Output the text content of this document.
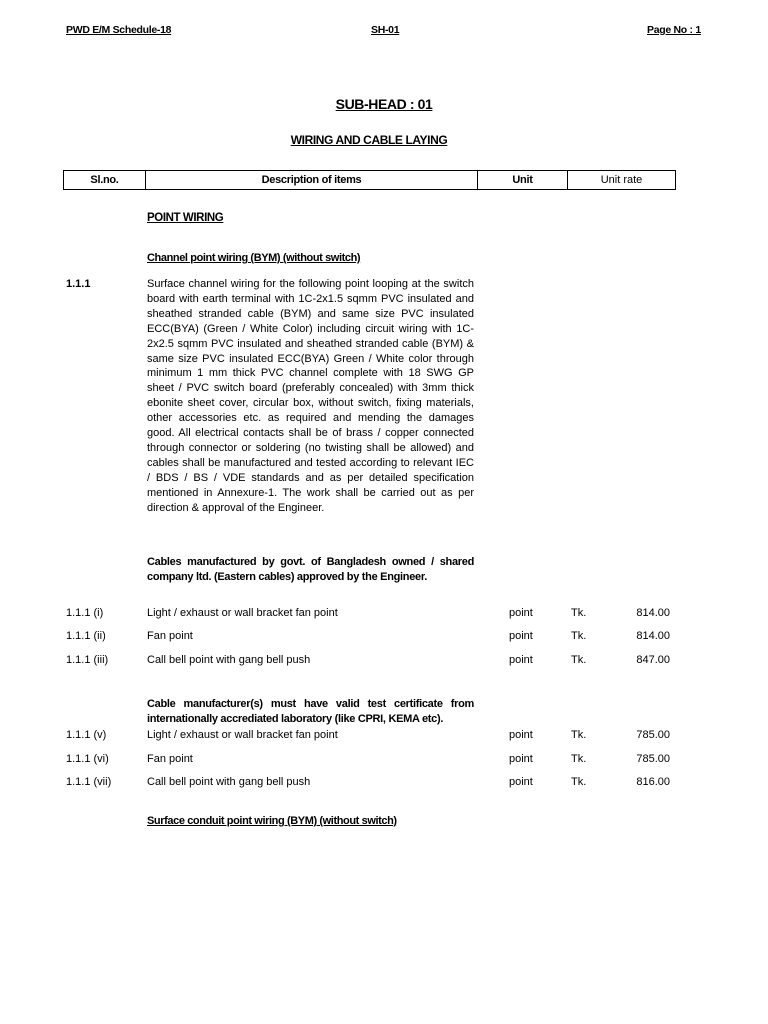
PWD E/M Schedule-18	SH-01	Page No : 1
SUB-HEAD : 01
WIRING AND CABLE LAYING
Sl.no.	Description of items	Unit	Unit rate
POINT WIRING
Channel point wiring (BYM) (without switch)
1.1.1	Surface channel wiring for the following point looping at the switch board with earth terminal with 1C-2x1.5 sqmm PVC insulated and sheathed stranded cable (BYM) and same size PVC insulated ECC(BYA) (Green / White Color) including circuit wiring with 1C-2x2.5 sqmm PVC insulated and sheathed stranded cable (BYM) & same size PVC insulated ECC(BYA) Green / White color through minimum 1 mm thick PVC channel complete with 18 SWG GP sheet / PVC switch board (preferably concealed) with 3mm thick ebonite sheet cover, circular box, without switch, fixing materials, other accessories etc. as required and mending the damages good. All electrical contacts shall be of brass / copper connected through connector or soldering (no twisting shall be allowed) and cables shall be manufactured and tested according to relevant IEC / BDS / BS / VDE standards and as per detailed specification mentioned in Annexure-1. The work shall be carried out as per direction & approval of the Engineer.
Cables manufactured by govt. of Bangladesh owned / shared company ltd. (Eastern cables) approved by the Engineer.
1.1.1 (i)	Light / exhaust or wall bracket fan point	point	Tk.	814.00
1.1.1 (ii)	Fan point	point	Tk.	814.00
1.1.1 (iii)	Call bell point with gang bell push	point	Tk.	847.00
Cable manufacturer(s) must have valid test certificate from internationally accrediated laboratory (like CPRI, KEMA etc).
1.1.1 (v)	Light / exhaust or wall bracket fan point	point	Tk.	785.00
1.1.1 (vi)	Fan point	point	Tk.	785.00
1.1.1 (vii)	Call bell point with gang bell push	point	Tk.	816.00
Surface conduit point wiring (BYM) (without switch)
